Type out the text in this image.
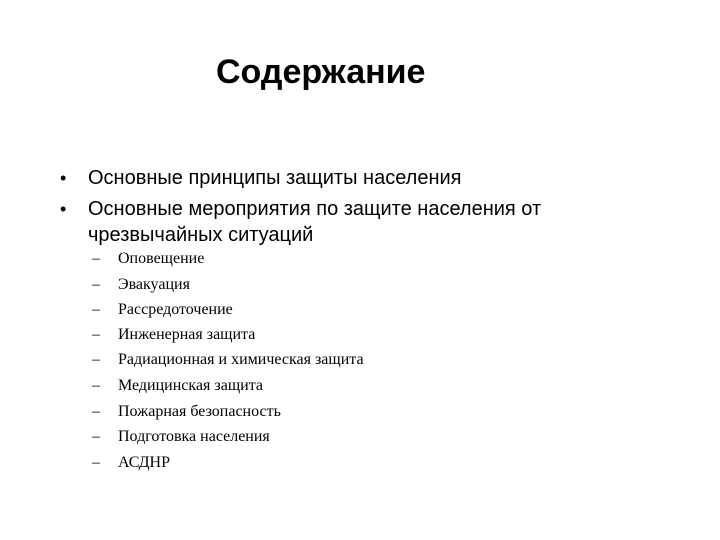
Содержание
•	Основные принципы защиты населения
•	Основные мероприятия по защите населения от
чрезвычайных ситуаций
– Оповещение
– Эвакуация
– Рассредоточение
– Инженерная защита
– Радиационная и химическая защита
– Медицинская защита
– Пожарная безопасность
– Подготовка населения
– АСДНР
